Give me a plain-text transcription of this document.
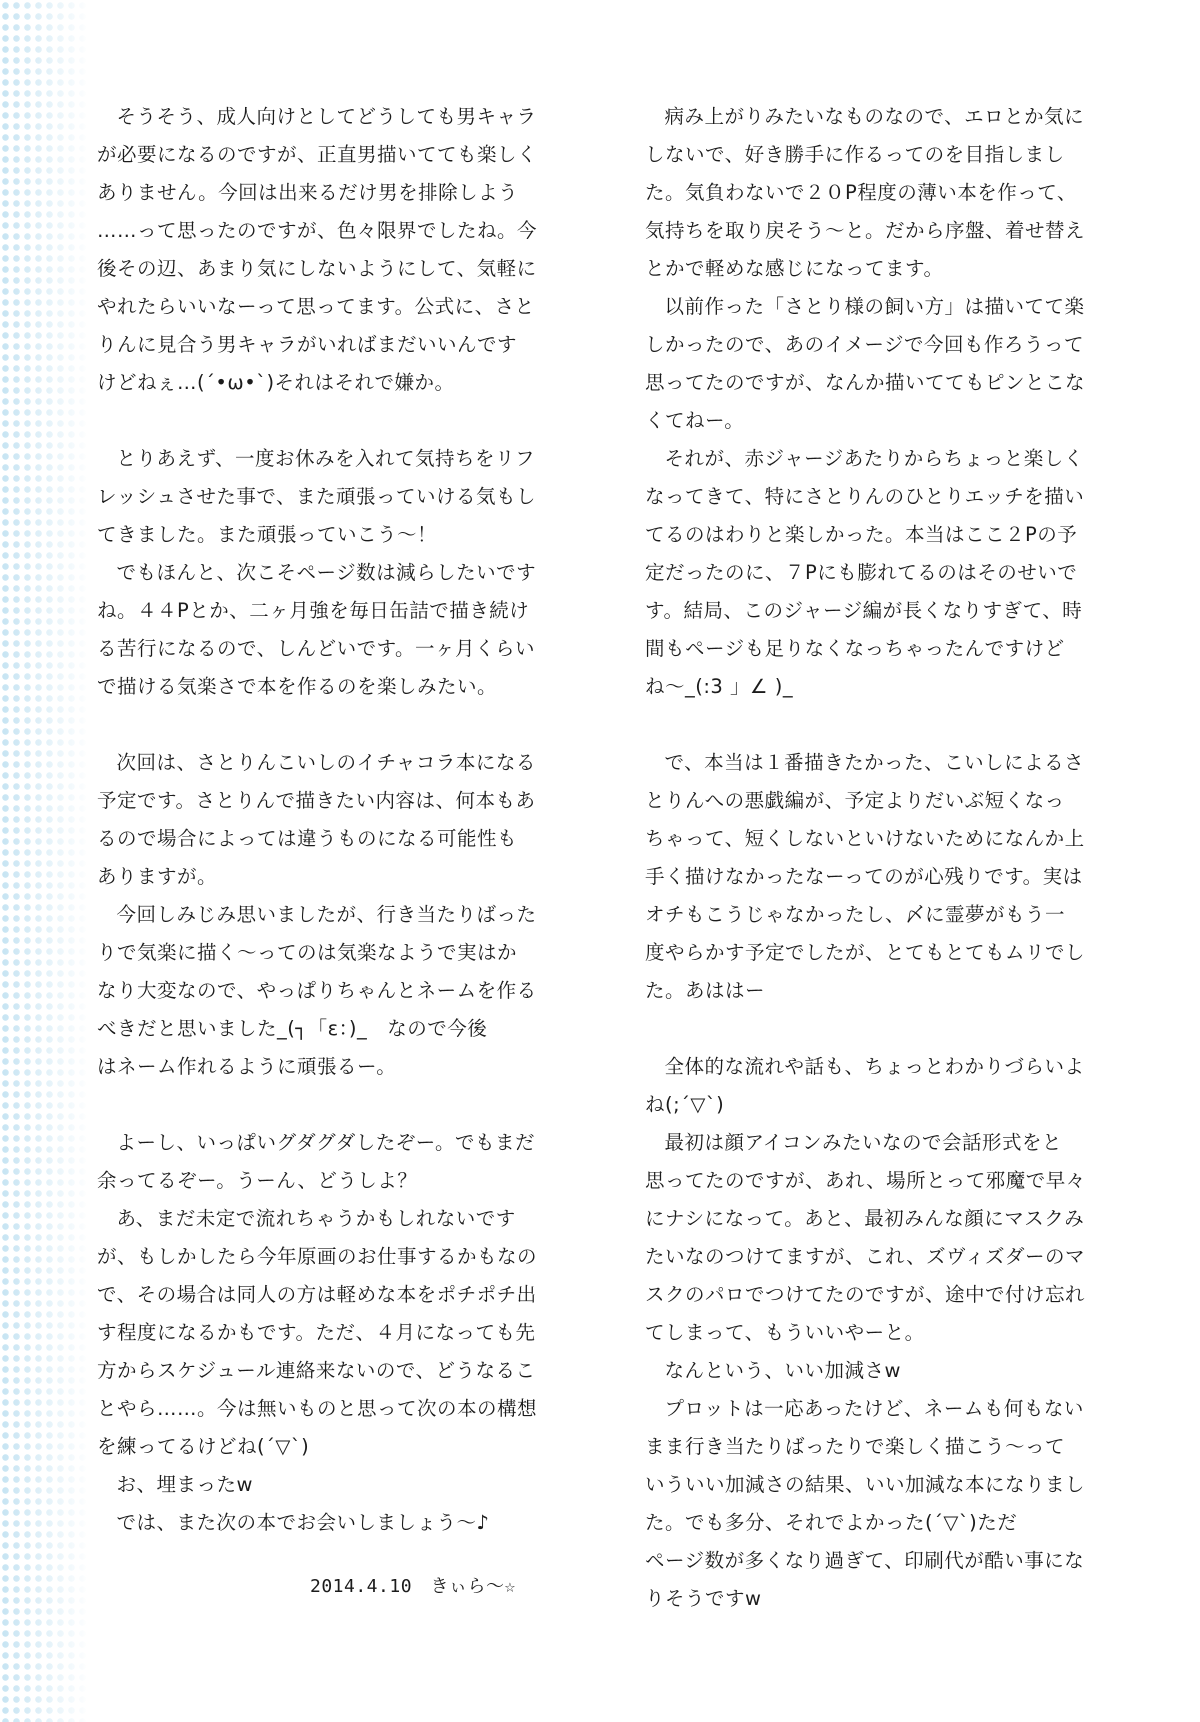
そうそう、成人向けとしてどうしても男キャラ
が必要になるのですが、正直男描いてても楽しく
ありません。今回は出来るだけ男を排除しよう
……って思ったのですが、色々限界でしたね。今
後その辺、あまり気にしないようにして、気軽に
やれたらいいなーって思ってます。公式に、さと
りんに見合う男キャラがいればまだいいんです
けどねぇ…(´•ω•`)それはそれで嫌か。

とりあえず、一度お休みを入れて気持ちをリフ
レッシュさせた事で、また頑張っていける気もし
てきました。また頑張っていこう～！

でもほんと、次こそページ数は減らしたいです
ね。４４Pとか、二ヶ月強を毎日缶詰で描き続け
る苦行になるので、しんどいです。一ヶ月くらい
で描ける気楽さで本を作るのを楽しみたい。

次回は、さとりんこいしのイチャコラ本になる
予定です。さとりんで描きたい内容は、何本もあ
るので場合によっては違うものになる可能性も
ありますが。

今回しみじみ思いましたが、行き当たりばった
りで気楽に描く～ってのは気楽なようで実はか
なり大変なので、やっぱりちゃんとネームを作る
べきだと思いました_(┐「ε：)_　なので今後
はネーム作れるように頑張るー。

よーし、いっぱいグダグダしたぞー。でもまだ
余ってるぞー。うーん、どうしよ？

あ、まだ未定で流れちゃうかもしれないです
が、もしかしたら今年原画のお仕事するかもなの
で、その場合は同人の方は軽めな本をポチポチ出
す程度になるかもです。ただ、４月になっても先
方からスケジュール連絡来ないので、どうなるこ
とやら……。今は無いものと思って次の本の構想
を練ってるけどね(´▽`)

お、埋まったw

では、また次の本でお会いしましょう～♪

病み上がりみたいなものなので、エロとか気に
しないで、好き勝手に作るってのを目指しまし
た。気負わないで２０P程度の薄い本を作って、
気持ちを取り戻そう～と。だから序盤、着せ替え
とかで軽めな感じになってます。

以前作った「さとり様の飼い方」は描いてて楽
しかったので、あのイメージで今回も作ろうって
思ってたのですが、なんか描いててもピンとこな
くてねー。

それが、赤ジャージあたりからちょっと楽しく
なってきて、特にさとりんのひとりエッチを描い
てるのはわりと楽しかった。本当はここ２Pの予
定だったのに、７Pにも膨れてるのはそのせいで
す。結局、このジャージ編が長くなりすぎて、時
間もページも足りなくなっちゃったんですけど
ね～_(:3 」∠ )_

で、本当は１番描きたかった、こいしによるさ
とりんへの悪戯編が、予定よりだいぶ短くなっ
ちゃって、短くしないといけないためになんか上
手く描けなかったなーってのが心残りです。実は
オチもこうじゃなかったし、〆に霊夢がもう一
度やらかす予定でしたが、とてもとてもムリでし
た。あははー

全体的な流れや話も、ちょっとわかりづらいよ
ね(;´▽`)

最初は顔アイコンみたいなので会話形式をと
思ってたのですが、あれ、場所とって邪魔で早々
にナシになって。あと、最初みんな顔にマスクみ
たいなのつけてますが、これ、ズヴィズダーのマ
スクのパロでつけてたのですが、途中で付け忘れ
てしまって、もういいやーと。

なんという、いい加減さw

プロットは一応あったけど、ネームも何もない
まま行き当たりばったりで楽しく描こう～って
いういい加減さの結果、いい加減な本になりまし
た。でも多分、それでよかった(´▽`)ただ
ページ数が多くなり過ぎて、印刷代が酷い事にな
りそうですw

2014.4.10　きぃら～☆
